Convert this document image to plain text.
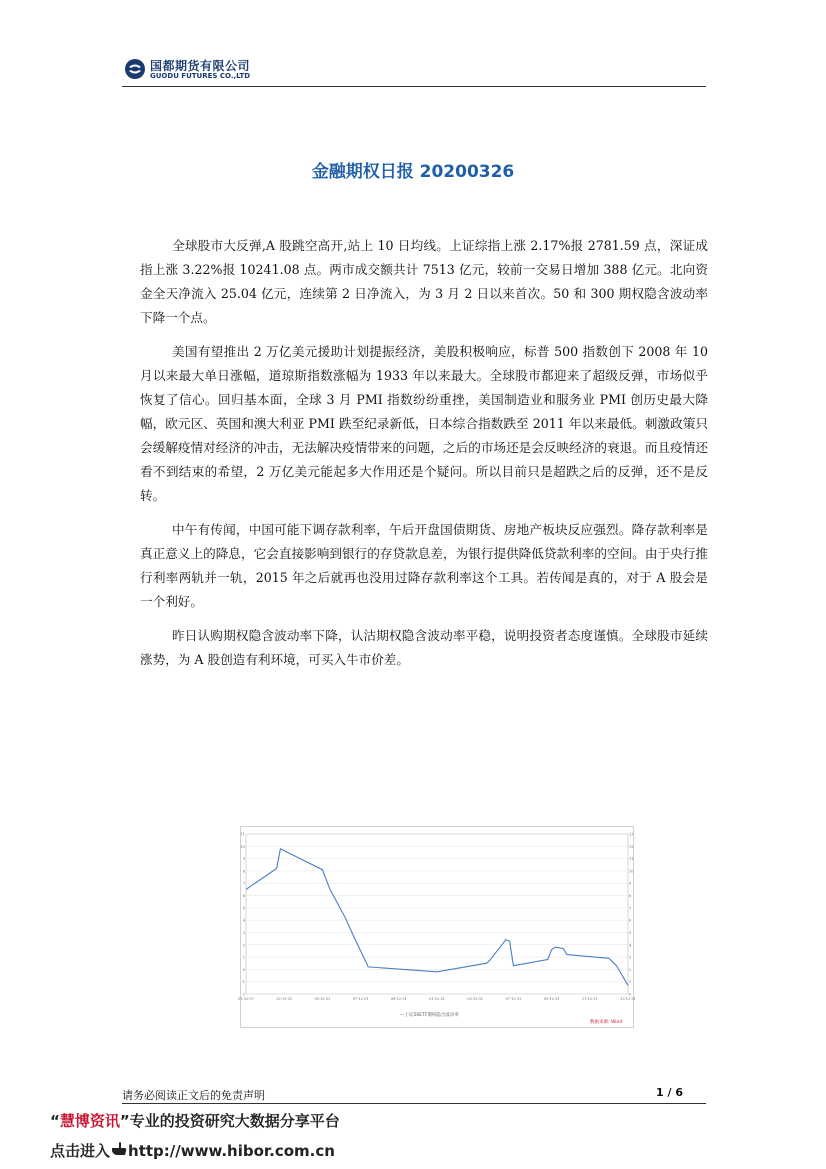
国都期货有限公司
GUODU FUTURES CO.,LTD
金融期权日报 20200326

全球股市大反弹,A 股跳空高开,站上 10 日均线。上证综指上涨 2.17%报 2781.59 点，深证成指上涨 3.22%报 10241.08 点。两市成交额共计 7513 亿元，较前一交易日增加 388 亿元。北向资金全天净流入 25.04 亿元，连续第 2 日净流入，为 3 月 2 日以来首次。50 和 300 期权隐含波动率下降一个点。

美国有望推出 2 万亿美元援助计划提振经济，美股积极响应，标普 500 指数创下 2008 年 10 月以来最大单日涨幅，道琼斯指数涨幅为 1933 年以来最大。全球股市都迎来了超级反弹，市场似乎恢复了信心。回归基本面，全球 3 月 PMI 指数纷纷重挫，美国制造业和服务业 PMI 创历史最大降幅，欧元区、英国和澳大利亚 PMI 跌至纪录新低，日本综合指数跌至 2011 年以来最低。刺激政策只会缓解疫情对经济的冲击，无法解决疫情带来的问题，之后的市场还是会反映经济的衰退。而且疫情还看不到结束的希望，2 万亿美元能起多大作用还是个疑问。所以目前只是超跌之后的反弹，还不是反转。

中午有传闻，中国可能下调存款利率，午后开盘国债期货、房地产板块反应强烈。降存款利率是真正意义上的降息，它会直接影响到银行的存贷款息差，为银行提供降低贷款利率的空间。由于央行推行利率两轨并一轨，2015 年之后就再也没用过降存款利率这个工具。若传闻是真的，对于 A 股会是一个利好。

昨日认购期权隐含波动率下降，认沽期权隐含波动率平稳，说明投资者态度谨慎。全球股市延续涨势，为 A 股创造有利环境，可买入牛市价差。

11
10
9
8
7
6
5
4
3
2
1
0
-1
-2
13
12
11
10
9
8
7
6
5
4
3
2
1
0
01-02-07	02-12-31	05-12-31	07-12-31	08-12-31	01-12-31	03-12-31	07-12-31	09-12-31	11-12-31	13-12-31
—上证50ETF期权隐含波动率
数据来源: Wind
请务必阅读正文后的免责声明	1 / 6
“慧博资讯”专业的投资研究大数据分享平台
点击进入 http://www.hibor.com.cn
